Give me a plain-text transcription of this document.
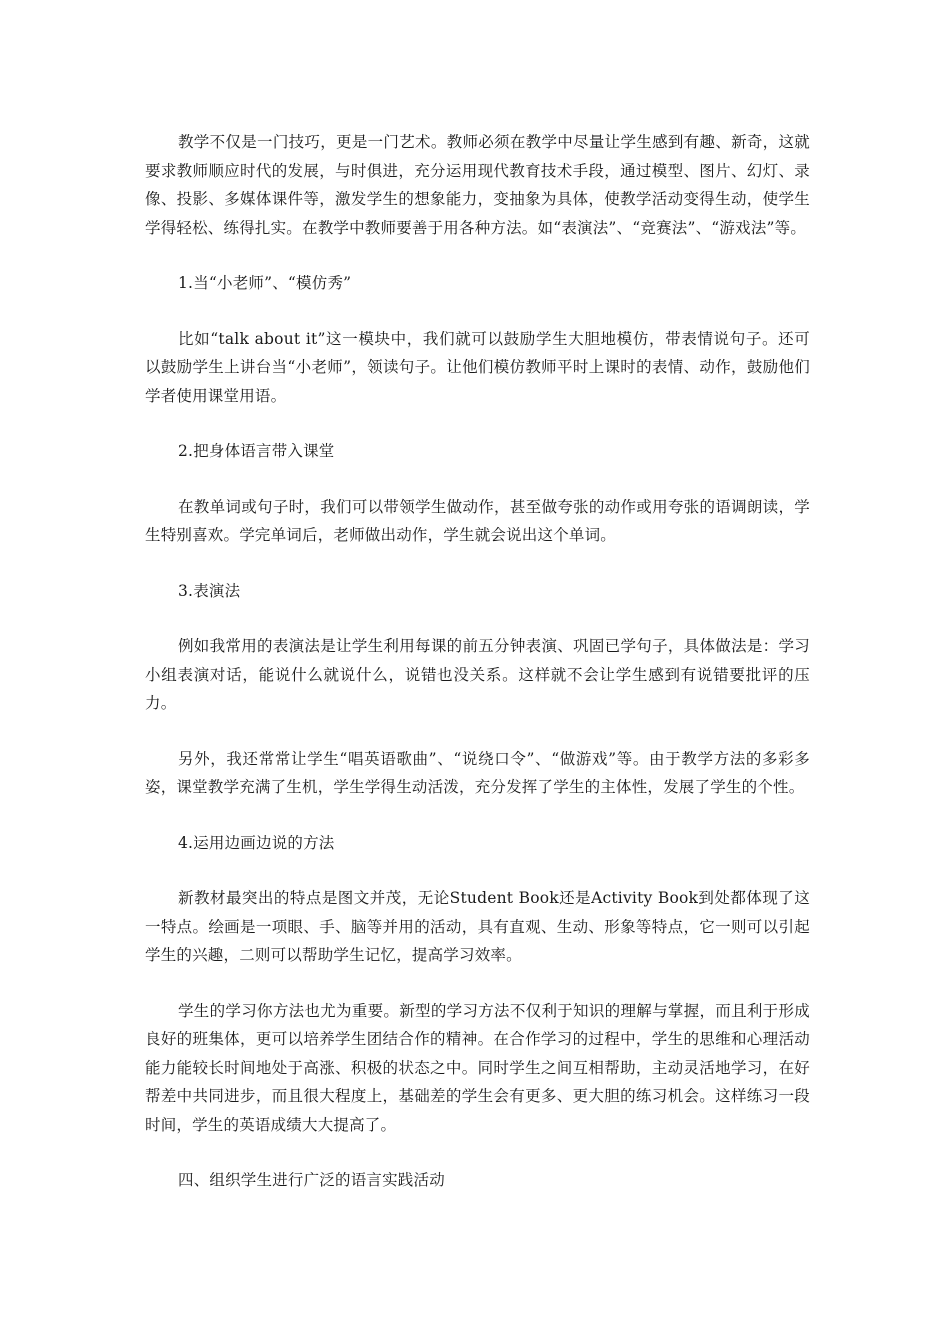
教学不仅是一门技巧，更是一门艺术。教师必须在教学中尽量让学生感到有趣、新奇，这就要求教师顺应时代的发展，与时俱进，充分运用现代教育技术手段，通过模型、图片、幻灯、录像、投影、多媒体课件等，激发学生的想象能力，变抽象为具体，使教学活动变得生动，使学生学得轻松、练得扎实。在教学中教师要善于用各种方法。如“表演法”、“竞赛法”、“游戏法”等。

1.当“小老师”、“模仿秀”

比如“talk about it”这一模块中，我们就可以鼓励学生大胆地模仿，带表情说句子。还可以鼓励学生上讲台当“小老师”，领读句子。让他们模仿教师平时上课时的表情、动作，鼓励他们学者使用课堂用语。

2.把身体语言带入课堂

在教单词或句子时，我们可以带领学生做动作，甚至做夸张的动作或用夸张的语调朗读，学生特别喜欢。学完单词后，老师做出动作，学生就会说出这个单词。

3.表演法

例如我常用的表演法是让学生利用每课的前五分钟表演、巩固已学句子，具体做法是：学习小组表演对话，能说什么就说什么，说错也没关系。这样就不会让学生感到有说错要批评的压力。

另外，我还常常让学生“唱英语歌曲”、“说绕口令”、“做游戏”等。由于教学方法的多彩多姿，课堂教学充满了生机，学生学得生动活泼，充分发挥了学生的主体性，发展了学生的个性。

4.运用边画边说的方法

新教材最突出的特点是图文并茂，无论Student Book还是Activity Book到处都体现了这一特点。绘画是一项眼、手、脑等并用的活动，具有直观、生动、形象等特点，它一则可以引起学生的兴趣，二则可以帮助学生记忆，提高学习效率。

学生的学习你方法也尤为重要。新型的学习方法不仅利于知识的理解与掌握，而且利于形成良好的班集体，更可以培养学生团结合作的精神。在合作学习的过程中，学生的思维和心理活动能力能较长时间地处于高涨、积极的状态之中。同时学生之间互相帮助，主动灵活地学习，在好帮差中共同进步，而且很大程度上，基础差的学生会有更多、更大胆的练习机会。这样练习一段时间，学生的英语成绩大大提高了。

四、组织学生进行广泛的语言实践活动
